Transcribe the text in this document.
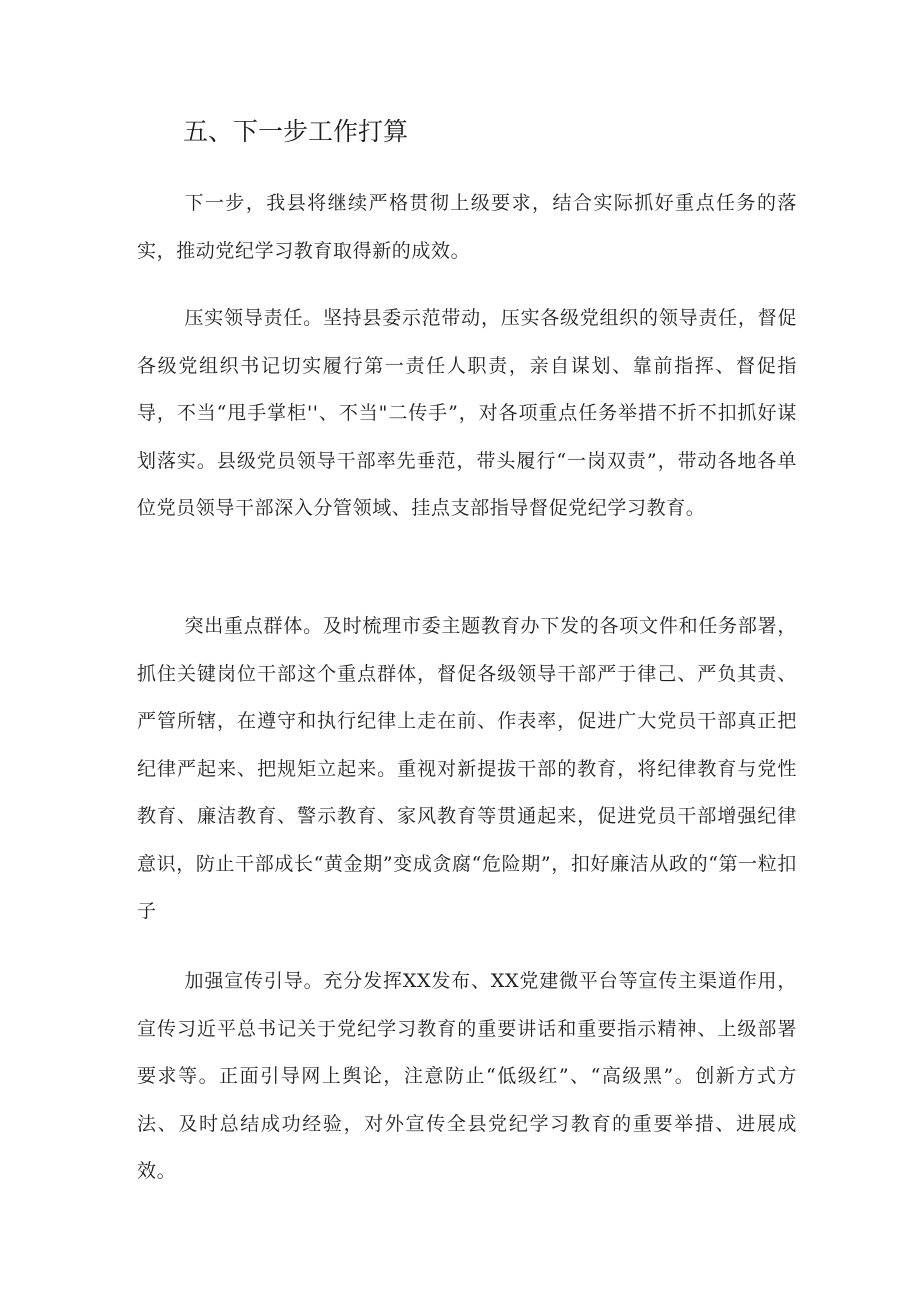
五、下一步工作打算

下一步，我县将继续严格贯彻上级要求，结合实际抓好重点任务的落实，推动党纪学习教育取得新的成效。

压实领导责任。坚持县委示范带动，压实各级党组织的领导责任，督促各级党组织书记切实履行第一责任人职责，亲自谋划、靠前指挥、督促指导，不当“甩手掌柜''、不当"二传手”，对各项重点任务举措不折不扣抓好谋划落实。县级党员领导干部率先垂范，带头履行“一岗双责”，带动各地各单位党员领导干部深入分管领域、挂点支部指导督促党纪学习教育。

突出重点群体。及时梳理市委主题教育办下发的各项文件和任务部署，抓住关键岗位干部这个重点群体，督促各级领导干部严于律己、严负其责、严管所辖，在遵守和执行纪律上走在前、作表率，促进广大党员干部真正把纪律严起来、把规矩立起来。重视对新提拔干部的教育，将纪律教育与党性教育、廉洁教育、警示教育、家风教育等贯通起来，促进党员干部增强纪律意识，防止干部成长“黄金期”变成贪腐“危险期”，扣好廉洁从政的“第一粒扣子

加强宣传引导。充分发挥XX发布、XX党建微平台等宣传主渠道作用，宣传习近平总书记关于党纪学习教育的重要讲话和重要指示精神、上级部署要求等。正面引导网上舆论，注意防止“低级红”、“高级黑”。创新方式方法、及时总结成功经验，对外宣传全县党纪学习教育的重要举措、进展成效。
